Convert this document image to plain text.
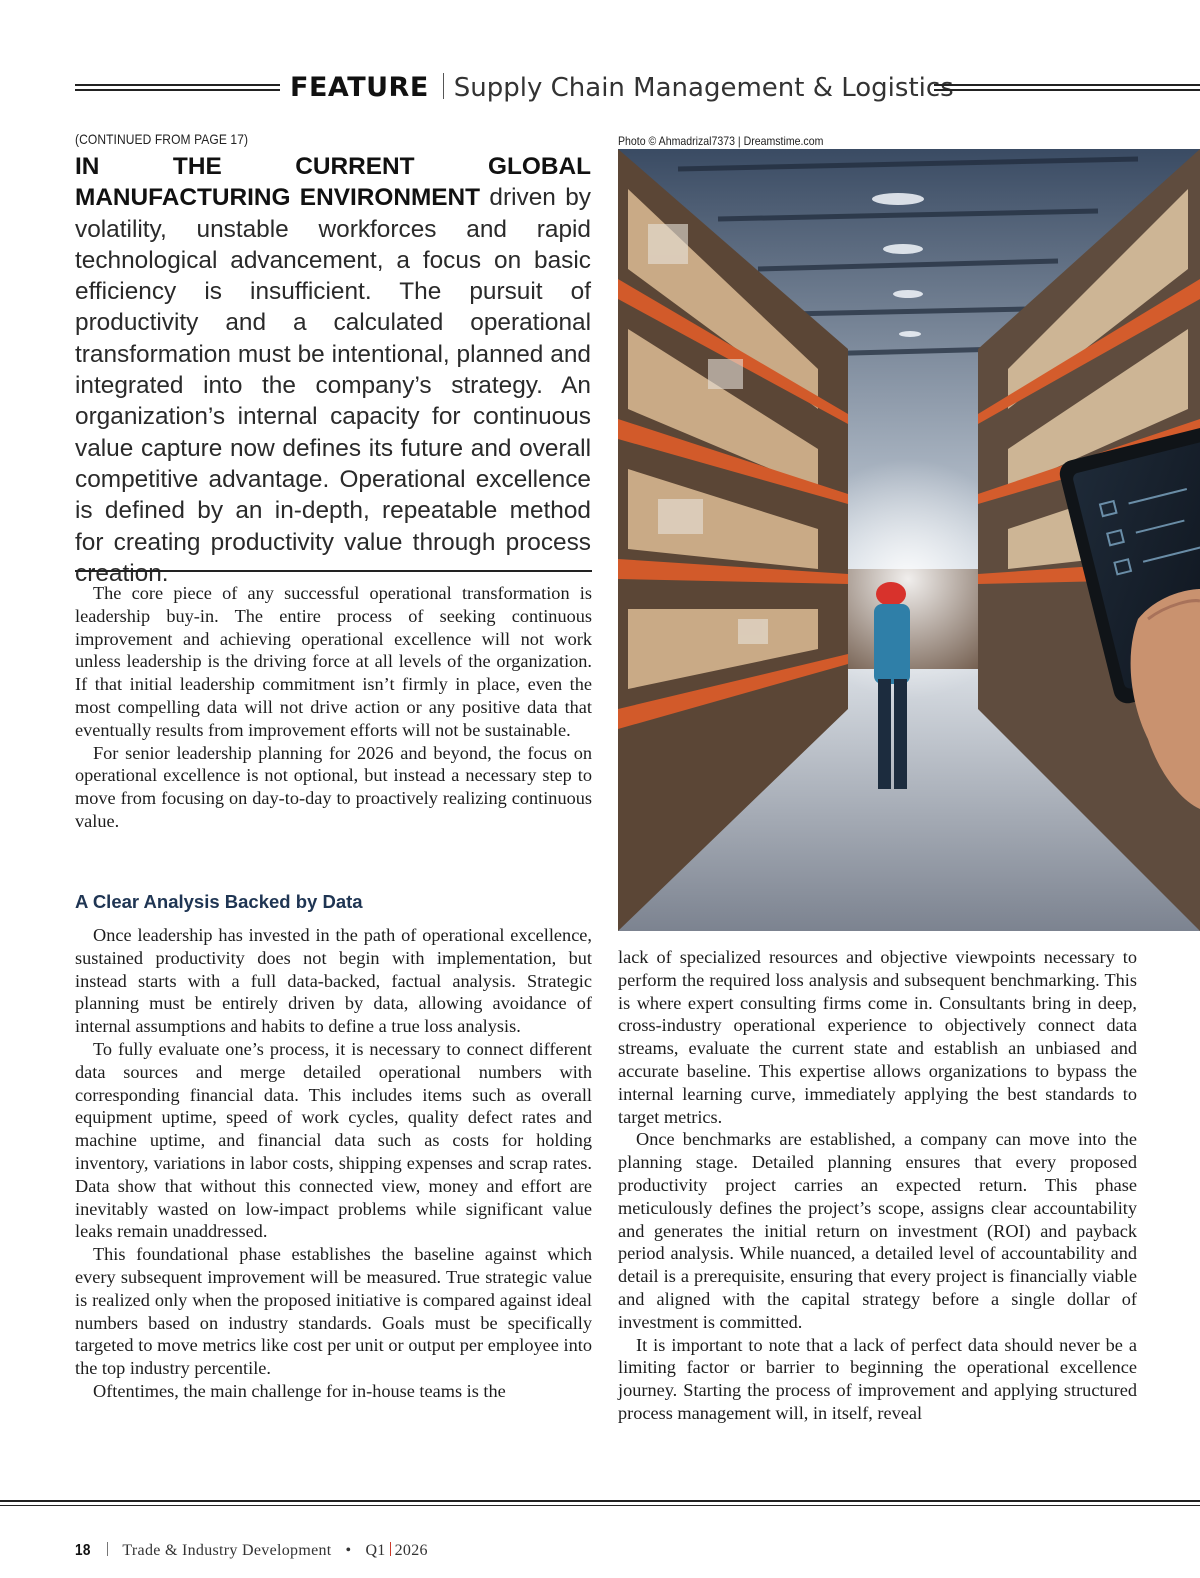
FEATURE Supply Chain Management & Logistics
(CONTINUED FROM PAGE 17)
IN THE CURRENT GLOBAL MANUFACTURING ENVIRONMENT driven by volatility, unstable workforces and rapid technological advancement, a focus on basic efficiency is insufficient. The pursuit of productivity and a calculated operational transformation must be intentional, planned and integrated into the company’s strategy. An organization’s internal capacity for continuous value capture now defines its future and overall competitive advantage. Operational excellence is defined by an in-depth, repeatable method for creating productivity value through process creation.

The core piece of any successful operational transformation is leadership buy-in. The entire process of seeking continuous improvement and achieving operational excellence will not work unless leadership is the driving force at all levels of the organization. If that initial leadership commitment isn’t firmly in place, even the most compelling data will not drive action or any positive data that eventually results from improvement efforts will not be sustainable.

For senior leadership planning for 2026 and beyond, the focus on operational excellence is not optional, but instead a necessary step to move from focusing on day-to-day to proactively realizing continuous value.

A Clear Analysis Backed by Data

Once leadership has invested in the path of operational excellence, sustained productivity does not begin with implementation, but instead starts with a full data-backed, factual analysis. Strategic planning must be entirely driven by data, allowing avoidance of internal assumptions and habits to define a true loss analysis.

To fully evaluate one’s process, it is necessary to connect different data sources and merge detailed operational numbers with corresponding financial data. This includes items such as overall equipment uptime, speed of work cycles, quality defect rates and machine uptime, and financial data such as costs for holding inventory, variations in labor costs, shipping expenses and scrap rates. Data show that without this connected view, money and effort are inevitably wasted on low-impact problems while significant value leaks remain unaddressed.

This foundational phase establishes the baseline against which every subsequent improvement will be measured. True strategic value is realized only when the proposed initiative is compared against ideal numbers based on industry standards. Goals must be specifically targeted to move metrics like cost per unit or output per employee into the top industry percentile.

Oftentimes, the main challenge for in-house teams is the

Photo © Ahmadrizal7373 | Dreamstime.com

lack of specialized resources and objective viewpoints necessary to perform the required loss analysis and subsequent benchmarking. This is where expert consulting firms come in. Consultants bring in deep, cross-industry operational experience to objectively connect data streams, evaluate the current state and establish an unbiased and accurate baseline. This expertise allows organizations to bypass the internal learning curve, immediately applying the best standards to target metrics.

Once benchmarks are established, a company can move into the planning stage. Detailed planning ensures that every proposed productivity project carries an expected return. This phase meticulously defines the project’s scope, assigns clear accountability and generates the initial return on investment (ROI) and payback period analysis. While nuanced, a detailed level of accountability and detail is a prerequisite, ensuring that every project is financially viable and aligned with the capital strategy before a single dollar of investment is committed.

It is important to note that a lack of perfect data should never be a limiting factor or barrier to beginning the operational excellence journey. Starting the process of improvement and applying structured process management will, in itself, reveal

18 Trade & Industry Development • Q1 2026
